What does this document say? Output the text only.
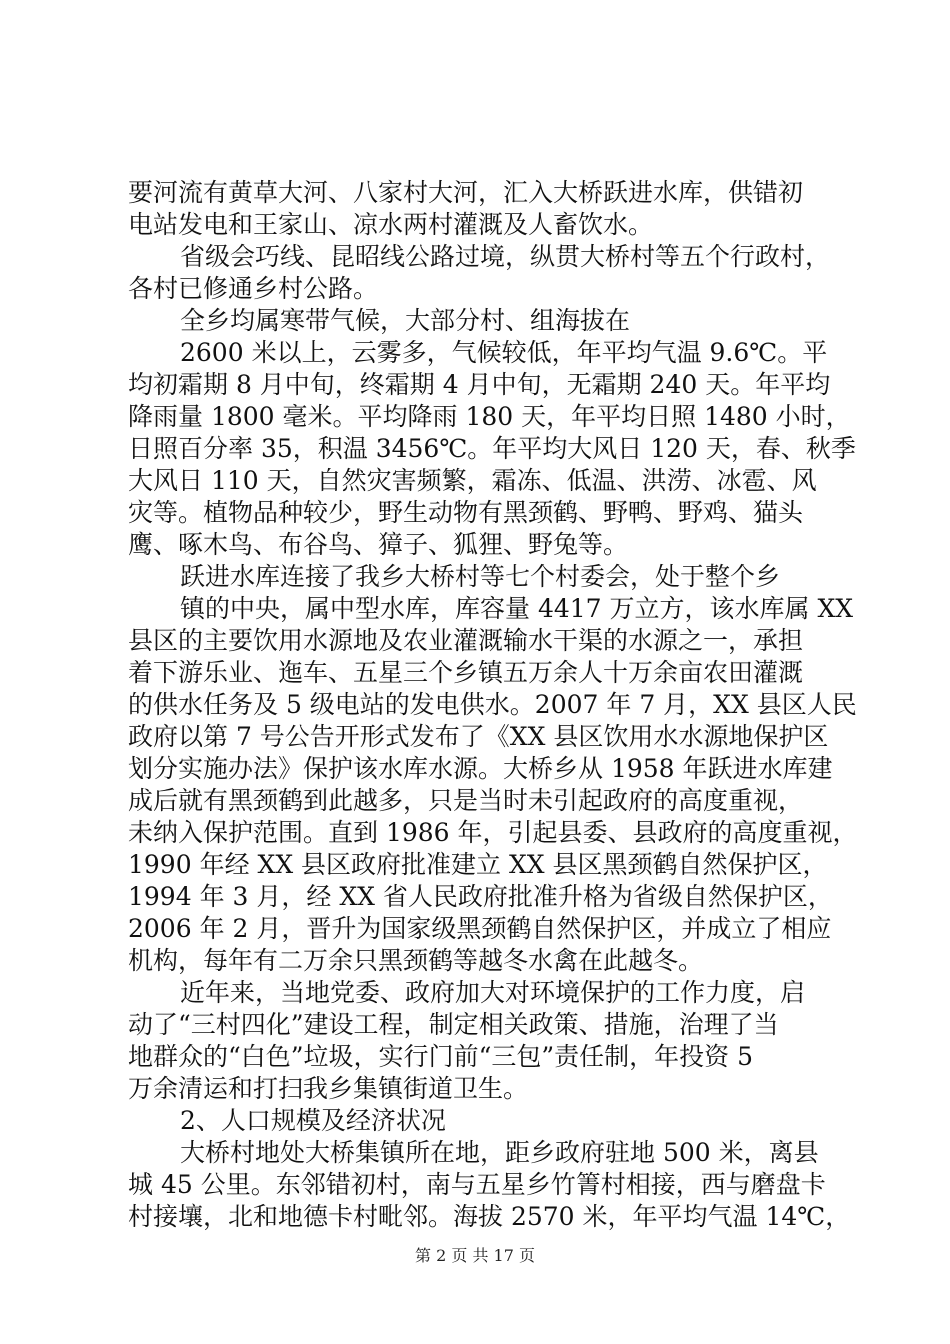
要河流有黄草大河、八家村大河，汇入大桥跃进水库，供错初
电站发电和王家山、凉水两村灌溉及人畜饮水。
省级会巧线、昆昭线公路过境，纵贯大桥村等五个行政村，
各村已修通乡村公路。
全乡均属寒带气候，大部分村、组海拔在
2600 米以上，云雾多，气候较低，年平均气温 9.6℃。平
均初霜期 8 月中旬，终霜期 4 月中旬，无霜期 240 天。年平均
降雨量 1800 毫米。平均降雨 180 天，年平均日照 1480 小时，
日照百分率 35，积温 3456℃。年平均大风日 120 天，春、秋季
大风日 110 天，自然灾害频繁，霜冻、低温、洪涝、冰雹、风
灾等。植物品种较少，野生动物有黑颈鹤、野鸭、野鸡、猫头
鹰、啄木鸟、布谷鸟、獐子、狐狸、野兔等。
跃进水库连接了我乡大桥村等七个村委会，处于整个乡
镇的中央，属中型水库，库容量 4417 万立方，该水库属 XX
县区的主要饮用水源地及农业灌溉输水干渠的水源之一，承担
着下游乐业、迤车、五星三个乡镇五万余人十万余亩农田灌溉
的供水任务及 5 级电站的发电供水。2007 年 7 月，XX 县区人民
政府以第 7 号公告开形式发布了《XX 县区饮用水水源地保护区
划分实施办法》保护该水库水源。大桥乡从 1958 年跃进水库建
成后就有黑颈鹤到此越多，只是当时未引起政府的高度重视，
未纳入保护范围。直到 1986 年，引起县委、县政府的高度重视，
1990 年经 XX 县区政府批准建立 XX 县区黑颈鹤自然保护区，
1994 年 3 月，经 XX 省人民政府批准升格为省级自然保护区，
2006 年 2 月，晋升为国家级黑颈鹤自然保护区，并成立了相应
机构，每年有二万余只黑颈鹤等越冬水禽在此越冬。
近年来，当地党委、政府加大对环境保护的工作力度，启
动了“三村四化”建设工程，制定相关政策、措施，治理了当
地群众的“白色”垃圾，实行门前“三包”责任制，年投资 5
万余清运和打扫我乡集镇街道卫生。
2、人口规模及经济状况
大桥村地处大桥集镇所在地，距乡政府驻地 500 米，离县
城 45 公里。东邻错初村，南与五星乡竹箐村相接，西与磨盘卡
村接壤，北和地德卡村毗邻。海拔 2570 米，年平均气温 14℃，
第 2 页 共 17 页
